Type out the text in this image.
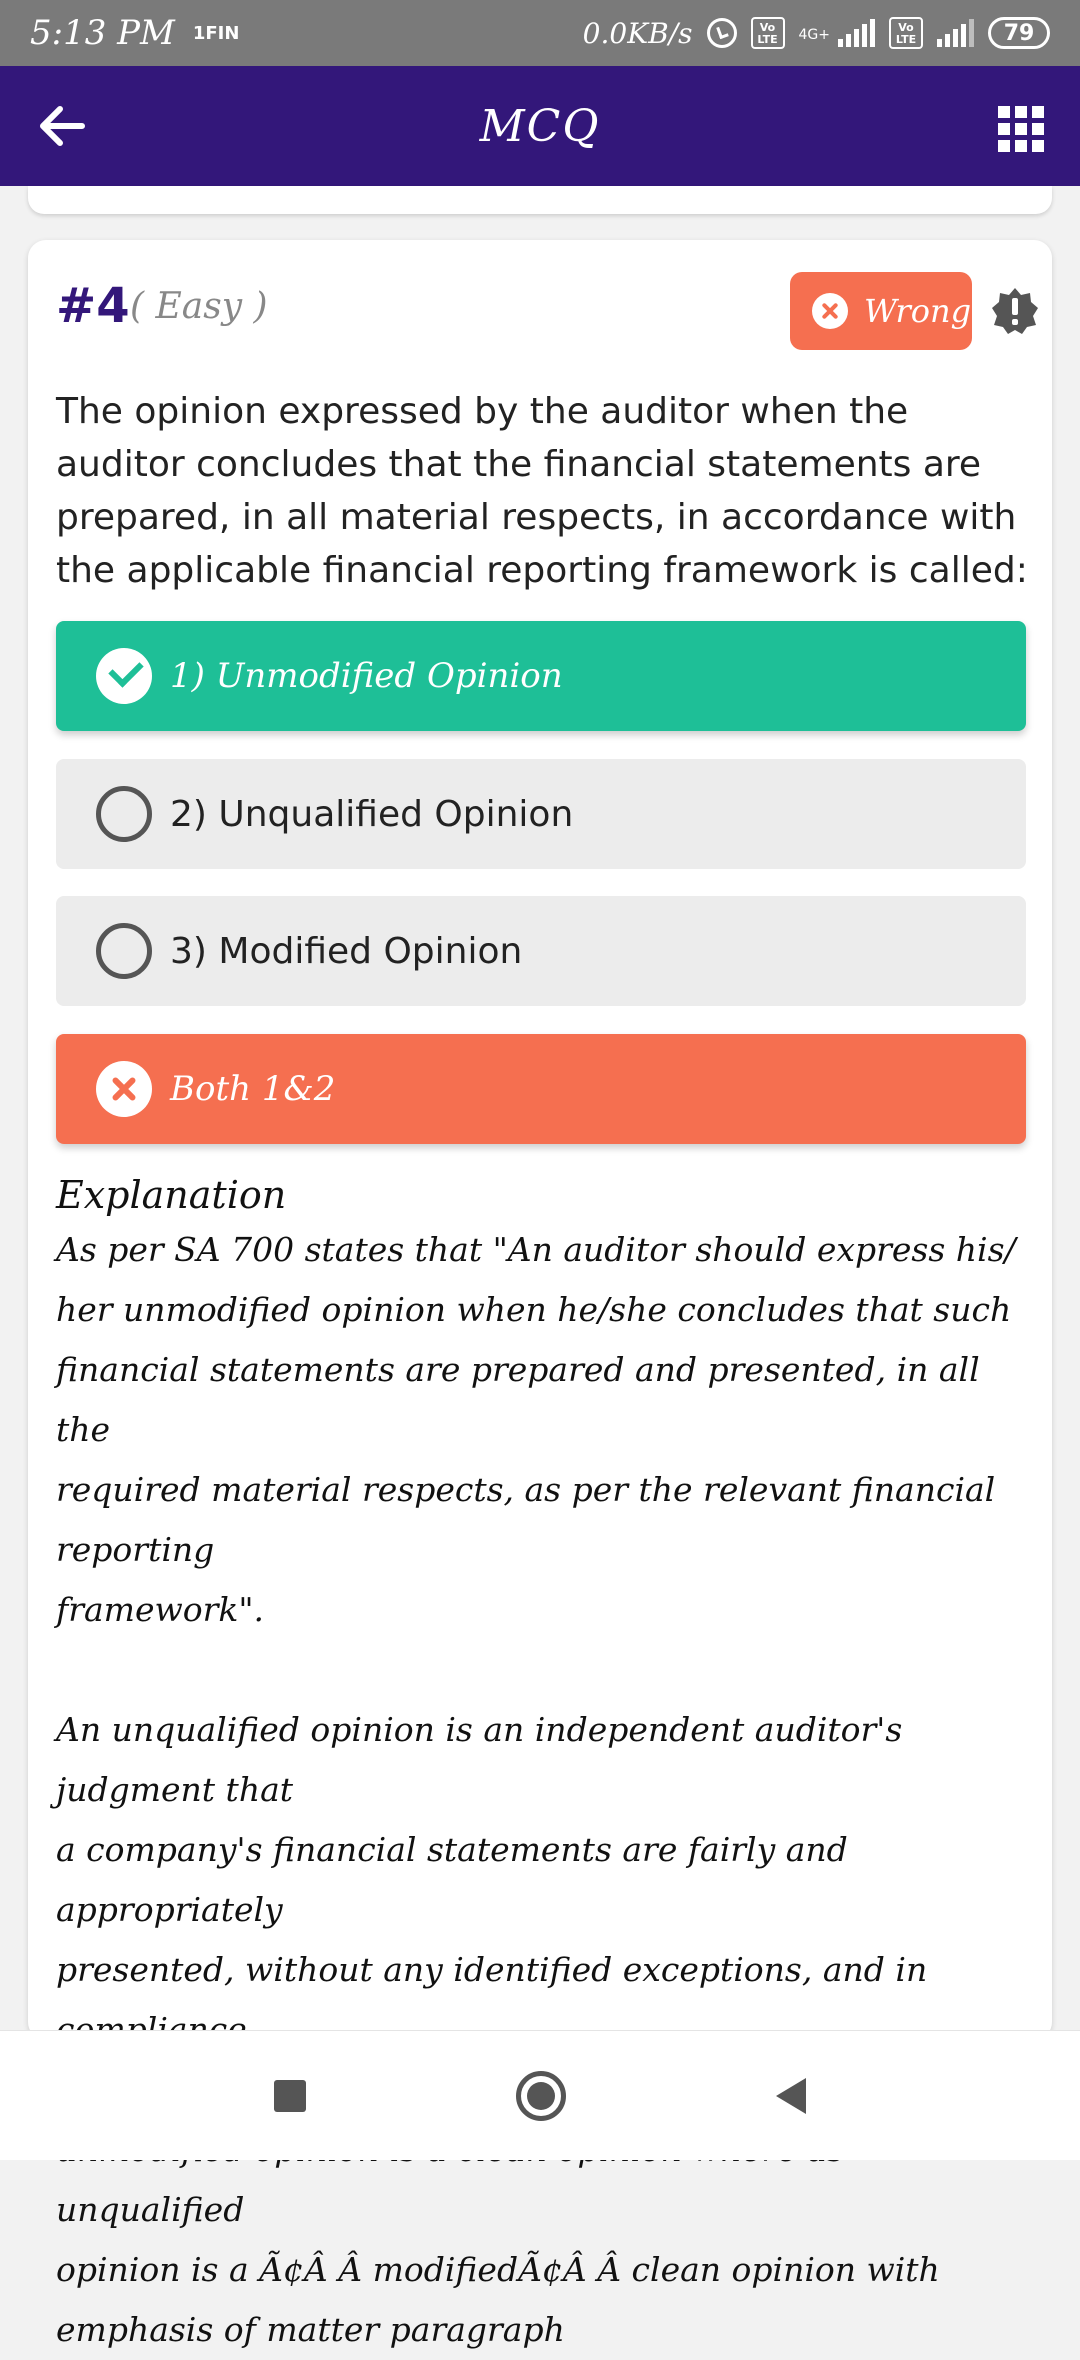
5:13 PM 1FIN	0.0KB/s	Vo LTE	4G+	Vo LTE	79
MCQ
#4 ( Easy )	Wrong
The opinion expressed by the auditor when the auditor concludes that the financial statements are prepared, in all material respects, in accordance with the applicable financial reporting framework is called:
1) Unmodified Opinion
2) Unqualified Opinion
3) Modified Opinion
Both 1&2
Explanation
As per SA 700 states that "An auditor should express his/
her unmodified opinion when he/she concludes that such
financial statements are prepared and presented, in all the
required material respects, as per the relevant financial reporting
framework".

An unqualified opinion is an independent auditor's judgment that
a company's financial statements are fairly and appropriately
presented, without any identified exceptions, and in

unqualified
opinion is a Ã¢Â Â modifiedÃ¢Â Â clean opinion with
emphasis of matter paragraph
